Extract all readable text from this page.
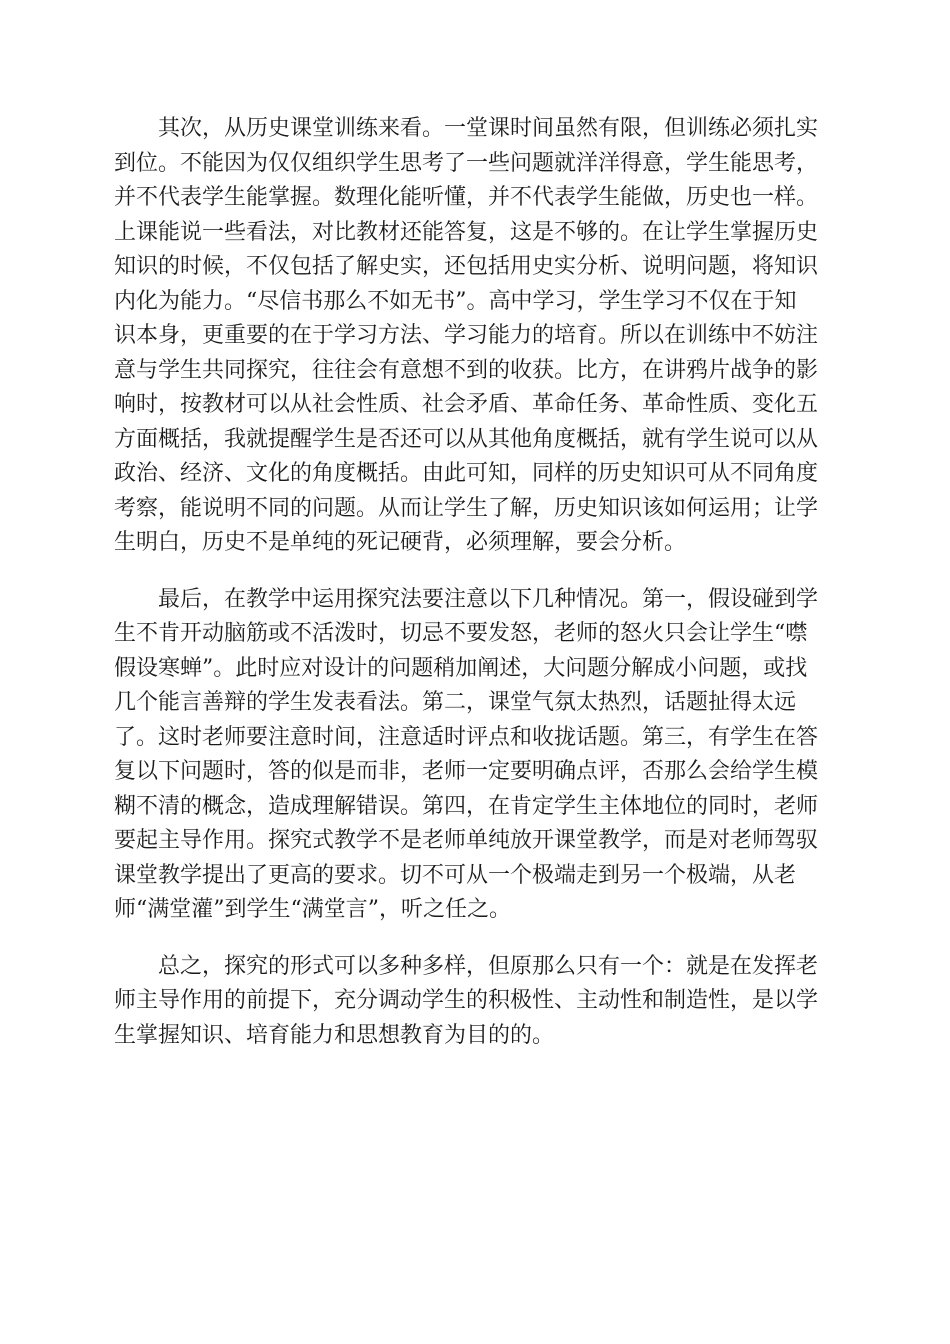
其次，从历史课堂训练来看。一堂课时间虽然有限，但训练必须扎实
到位。不能因为仅仅组织学生思考了一些问题就洋洋得意，学生能思考，
并不代表学生能掌握。数理化能听懂，并不代表学生能做，历史也一样。
上课能说一些看法，对比教材还能答复，这是不够的。在让学生掌握历史
知识的时候，不仅包括了解史实，还包括用史实分析、说明问题，将知识
内化为能力。“尽信书那么不如无书”。高中学习，学生学习不仅在于知
识本身，更重要的在于学习方法、学习能力的培育。所以在训练中不妨注
意与学生共同探究，往往会有意想不到的收获。比方，在讲鸦片战争的影
响时，按教材可以从社会性质、社会矛盾、革命任务、革命性质、变化五
方面概括，我就提醒学生是否还可以从其他角度概括，就有学生说可以从
政治、经济、文化的角度概括。由此可知，同样的历史知识可从不同角度
考察，能说明不同的问题。从而让学生了解，历史知识该如何运用；让学
生明白，历史不是单纯的死记硬背，必须理解，要会分析。

最后，在教学中运用探究法要注意以下几种情况。第一，假设碰到学
生不肯开动脑筋或不活泼时，切忌不要发怒，老师的怒火只会让学生“噤
假设寒蝉”。此时应对设计的问题稍加阐述，大问题分解成小问题，或找
几个能言善辩的学生发表看法。第二，课堂气氛太热烈，话题扯得太远
了。这时老师要注意时间，注意适时评点和收拢话题。第三，有学生在答
复以下问题时，答的似是而非，老师一定要明确点评，否那么会给学生模
糊不清的概念，造成理解错误。第四，在肯定学生主体地位的同时，老师
要起主导作用。探究式教学不是老师单纯放开课堂教学，而是对老师驾驭
课堂教学提出了更高的要求。切不可从一个极端走到另一个极端，从老
师“满堂灌”到学生“满堂言”，听之任之。

总之，探究的形式可以多种多样，但原那么只有一个：就是在发挥老
师主导作用的前提下，充分调动学生的积极性、主动性和制造性，是以学
生掌握知识、培育能力和思想教育为目的的。
